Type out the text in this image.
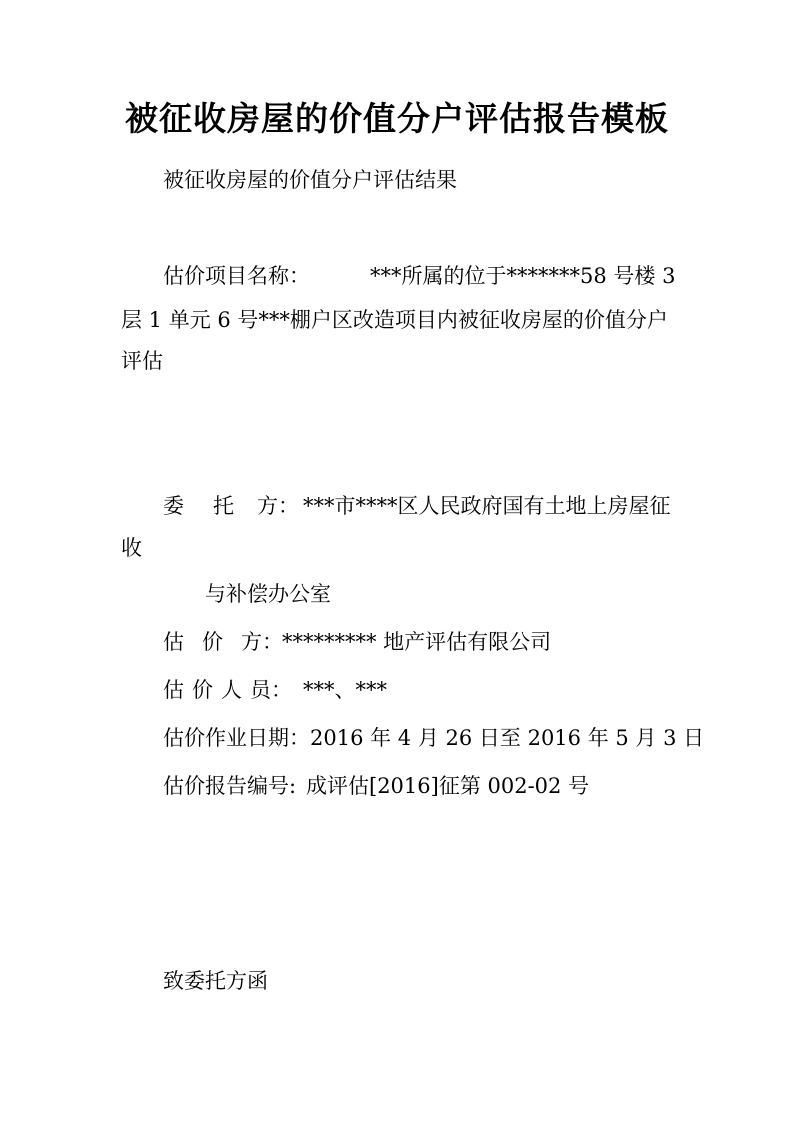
被征收房屋的价值分户评估报告模板
被征收房屋的价值分户评估结果
估价项目名称：	***所属的位于*******58 号楼 3
层 1 单元 6 号***棚户区改造项目内被征收房屋的价值分户
评估
委 托 方： ***市****区人民政府国有土地上房屋征
收
与补偿办公室
估 价 方： ********* 地产评估有限公司
估 价 人 员： ***、***
估价作业日期： 2016 年 4 月 26 日至 2016 年 5 月 3 日
估价报告编号: 成评估[2016]征第 002-02 号
致委托方函
